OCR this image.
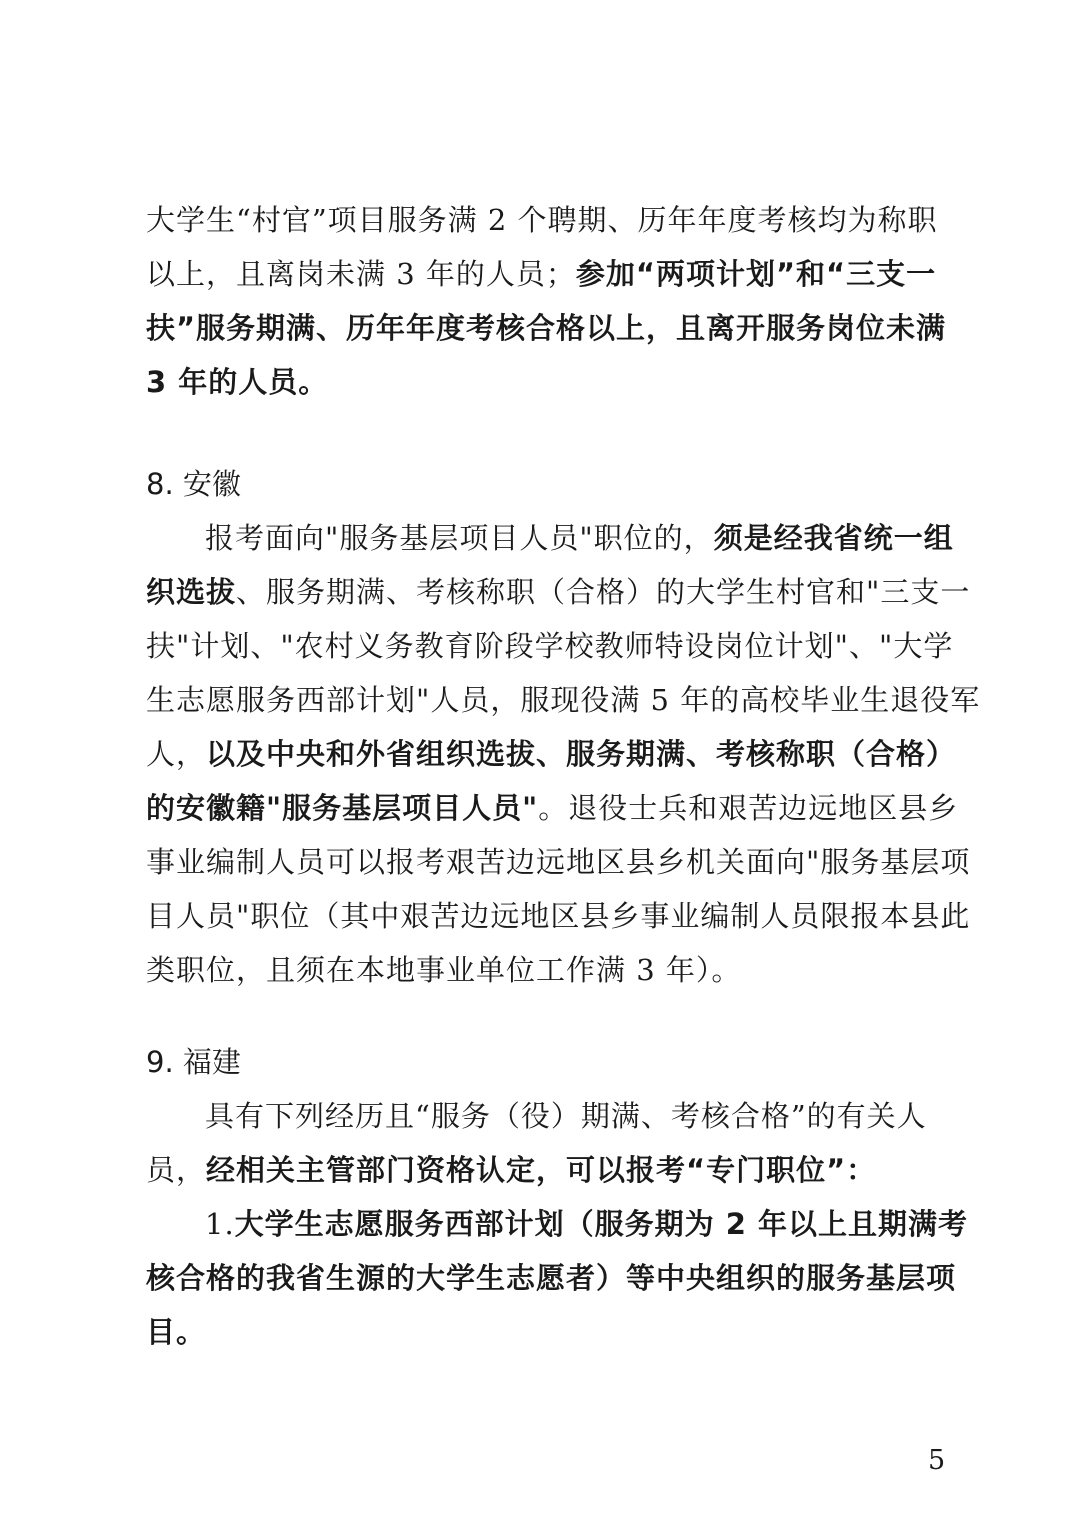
大学生“村官”项目服务满 2 个聘期、历年年度考核均为称职
以上，且离岗未满 3 年的人员；参加“两项计划”和“三支一
扶”服务期满、历年年度考核合格以上，且离开服务岗位未满
3 年的人员。
8. 安徽
报考面向"服务基层项目人员"职位的，须是经我省统一组
织选拔、服务期满、考核称职（合格）的大学生村官和"三支一
扶"计划、"农村义务教育阶段学校教师特设岗位计划"、"大学
生志愿服务西部计划"人员，服现役满 5 年的高校毕业生退役军
人，以及中央和外省组织选拔、服务期满、考核称职（合格）
的安徽籍"服务基层项目人员"。退役士兵和艰苦边远地区县乡
事业编制人员可以报考艰苦边远地区县乡机关面向"服务基层项
目人员"职位（其中艰苦边远地区县乡事业编制人员限报本县此
类职位，且须在本地事业单位工作满 3 年）。
9. 福建
具有下列经历且“服务（役）期满、考核合格”的有关人
员，经相关主管部门资格认定，可以报考“专门职位”：
1.大学生志愿服务西部计划（服务期为 2 年以上且期满考
核合格的我省生源的大学生志愿者）等中央组织的服务基层项
目。
5
